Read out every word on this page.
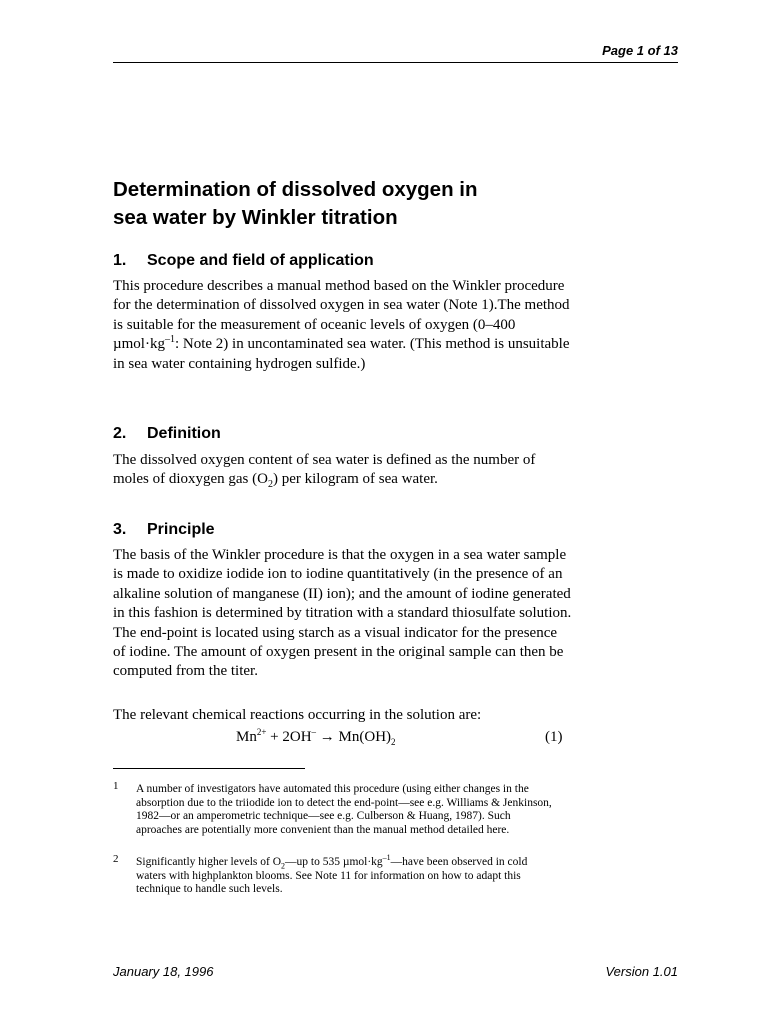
Page 1 of 13
Determination of dissolved oxygen in
sea water by Winkler titration
1. Scope and field of application

This procedure describes a manual method based on the Winkler procedure for the determination of dissolved oxygen in sea water (Note 1).The method is suitable for the measurement of oceanic levels of oxygen (0–400 $\mu mol\cdot kg^{-1}$: Note 2) in uncontaminated sea water. (This method is unsuitable in sea water containing hydrogen sulfide.)

2. Definition

The dissolved oxygen content of sea water is defined as the number of moles of dioxygen gas $(O_2)$ per kilogram of sea water.

3. Principle

The basis of the Winkler procedure is that the oxygen in a sea water sample is made to oxidize iodide ion to iodine quantitatively (in the presence of an alkaline solution of manganese (II) ion); and the amount of iodine generated in this fashion is determined by titration with a standard thiosulfate solution. The end-point is located using starch as a visual indicator for the presence of iodine. The amount of oxygen present in the original sample can then be computed from the titer.

The relevant chemical reactions occurring in the solution are:

$Mn^{2+} + 2OH^- \to Mn(OH)_2$	(1)
1 A number of investigators have automated this procedure (using either changes in the absorption due to the triiodide ion to detect the end-point—see e.g. Williams & Jenkinson, 1982—or an amperometric technique—see e.g. Culberson & Huang, 1987). Such aproaches are potentially more convenient than the manual method detailed here.

2 Significantly higher levels of $O_2—up$ to 535 $\mu mol\cdot kg^{-1}—have$ been observed in cold waters with highplankton blooms. See Note 11 for information on how to adapt this technique to handle such levels.

January 18, 1996	Version 1.01
